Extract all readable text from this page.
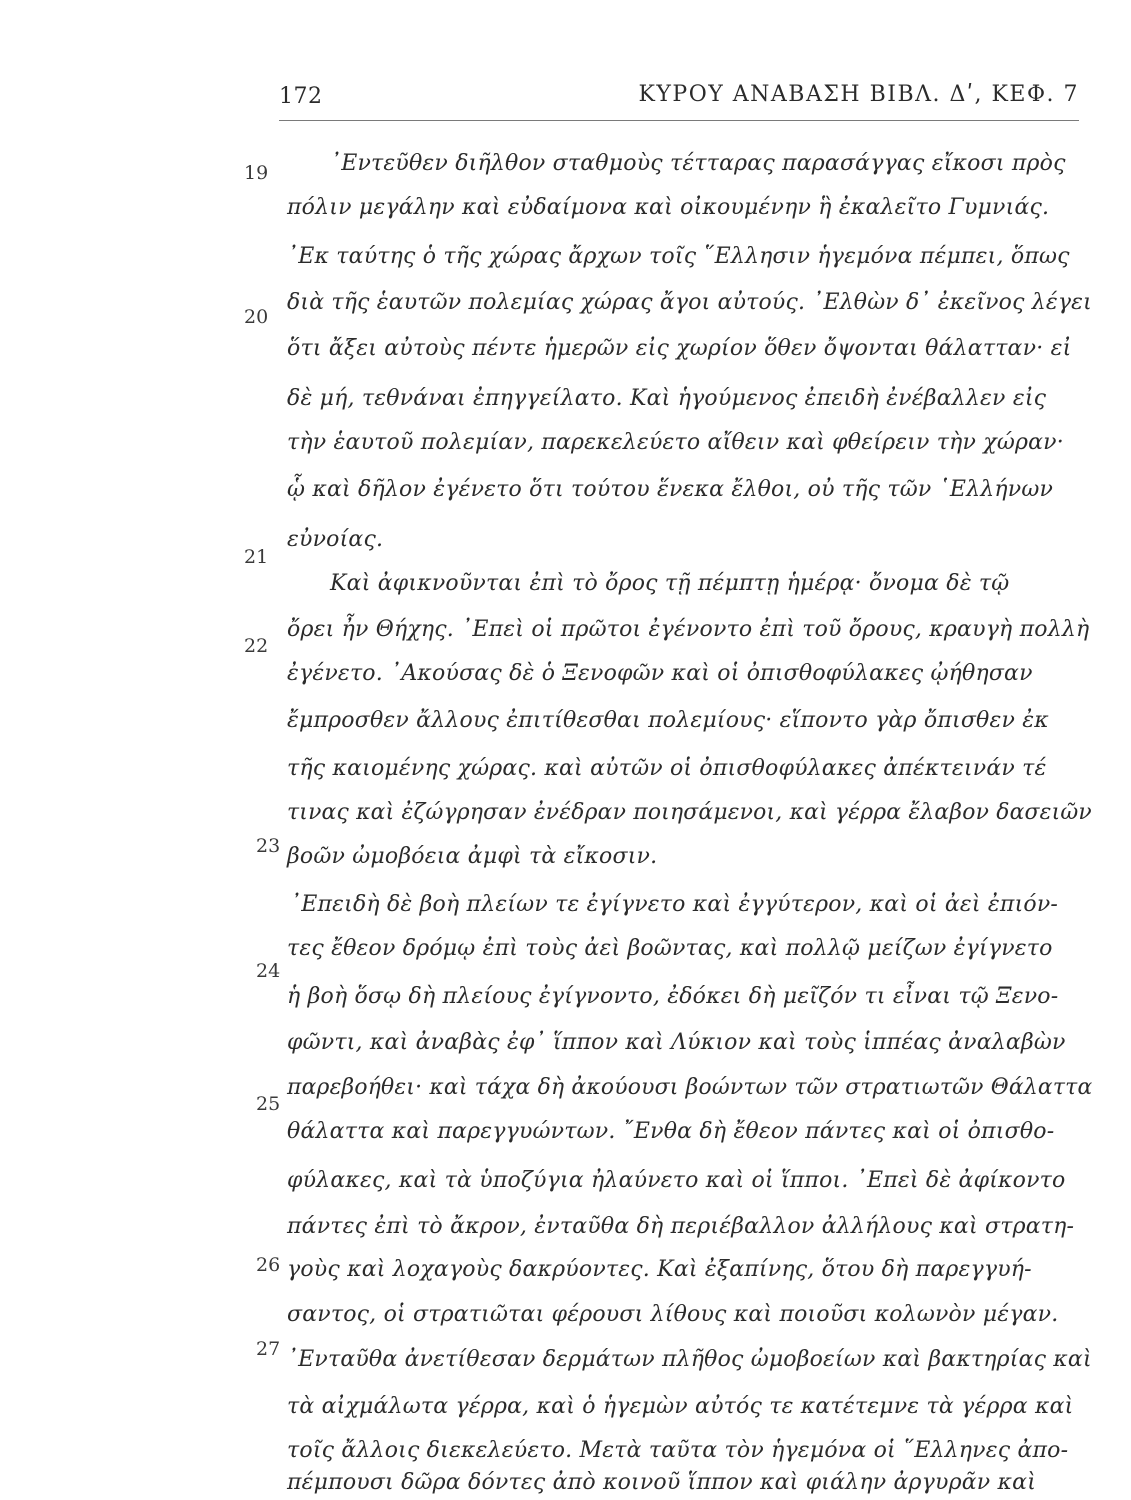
172	ΚΥΡΟΥ ΑΝΑΒΑΣΗ ΒΙΒΛ. Δʹ, ΚΕΦ. 7
19
20
21
22
23
24
25
26
27
᾿Εντεῦθεν διῆλθον σταθμοὺς τέτταρας παρασάγγας εἴκοσι πρὸς
πόλιν μεγάλην καὶ εὐδαίμονα καὶ οἰκουμένην ἣ ἐκαλεῖτο Γυμνιάς.
᾿Εκ ταύτης ὁ τῆς χώρας ἄρχων τοῖς ῞Ελλησιν ἡγεμόνα πέμπει, ὅπως
διὰ τῆς ἑαυτῶν πολεμίας χώρας ἄγοι αὐτούς. ᾿Ελθὼν δ᾿ ἐκεῖνος λέγει
ὅτι ἄξει αὐτοὺς πέντε ἡμερῶν εἰς χωρίον ὅθεν ὄψονται θάλατταν· εἰ
δὲ μή, τεθνάναι ἐπηγγείλατο. Καὶ ἡγούμενος ἐπειδὴ ἐνέβαλλεν εἰς
τὴν ἑαυτοῦ πολεμίαν, παρεκελεύετο αἴθειν καὶ φθείρειν τὴν χώραν·
ᾧ καὶ δῆλον ἐγένετο ὅτι τούτου ἕνεκα ἔλθοι, οὐ τῆς τῶν ῾Ελλήνων
εὐνοίας.
Καὶ ἀφικνοῦνται ἐπὶ τὸ ὄρος τῇ πέμπτῃ ἡμέρᾳ· ὄνομα δὲ τῷ
ὄρει ἦν Θήχης. ᾿Επεὶ οἱ πρῶτοι ἐγένοντο ἐπὶ τοῦ ὄρους, κραυγὴ πολλὴ
ἐγένετο. ᾿Ακούσας δὲ ὁ Ξενοφῶν καὶ οἱ ὀπισθοφύλακες ᾠήθησαν
ἔμπροσθεν ἄλλους ἐπιτίθεσθαι πολεμίους· εἵποντο γὰρ ὄπισθεν ἐκ
τῆς καιομένης χώρας. καὶ αὐτῶν οἱ ὀπισθοφύλακες ἀπέκτεινάν τέ
τινας καὶ ἐζώγρησαν ἐνέδραν ποιησάμενοι, καὶ γέρρα ἔλαβον δασειῶν
βοῶν ὠμοβόεια ἀμφὶ τὰ εἴκοσιν.
᾿Επειδὴ δὲ βοὴ πλείων τε ἐγίγνετο καὶ ἐγγύτερον, καὶ οἱ ἀεὶ ἐπιόν-
τες ἔθεον δρόμῳ ἐπὶ τοὺς ἀεὶ βοῶντας, καὶ πολλῷ μείζων ἐγίγνετο
ἡ βοὴ ὅσῳ δὴ πλείους ἐγίγνοντο, ἐδόκει δὴ μεῖζόν τι εἶναι τῷ Ξενο-
φῶντι, καὶ ἀναβὰς ἐφ᾿ ἵππον καὶ Λύκιον καὶ τοὺς ἱππέας ἀναλαβὼν
παρεβοήθει· καὶ τάχα δὴ ἀκούουσι βοώντων τῶν στρατιωτῶν Θάλαττα
θάλαττα καὶ παρεγγυώντων. ῎Ενθα δὴ ἔθεον πάντες καὶ οἱ ὀπισθο-
φύλακες, καὶ τὰ ὑποζύγια ἠλαύνετο καὶ οἱ ἵπποι. ᾿Επεὶ δὲ ἀφίκοντο
πάντες ἐπὶ τὸ ἄκρον, ἐνταῦθα δὴ περιέβαλλον ἀλλήλους καὶ στρατη-
γοὺς καὶ λοχαγοὺς δακρύοντες. Καὶ ἐξαπίνης, ὅτου δὴ παρεγγυή-
σαντος, οἱ στρατιῶται φέρουσι λίθους καὶ ποιοῦσι κολωνὸν μέγαν.
᾿Ενταῦθα ἀνετίθεσαν δερμάτων πλῆθος ὠμοβοείων καὶ βακτηρίας καὶ
τὰ αἰχμάλωτα γέρρα, καὶ ὁ ἡγεμὼν αὐτός τε κατέτεμνε τὰ γέρρα καὶ
τοῖς ἄλλοις διεκελεύετο. Μετὰ ταῦτα τὸν ἡγεμόνα οἱ ῞Ελληνες ἀπο-
πέμπουσι δῶρα δόντες ἀπὸ κοινοῦ ἵππον καὶ φιάλην ἀργυρᾶν καὶ
